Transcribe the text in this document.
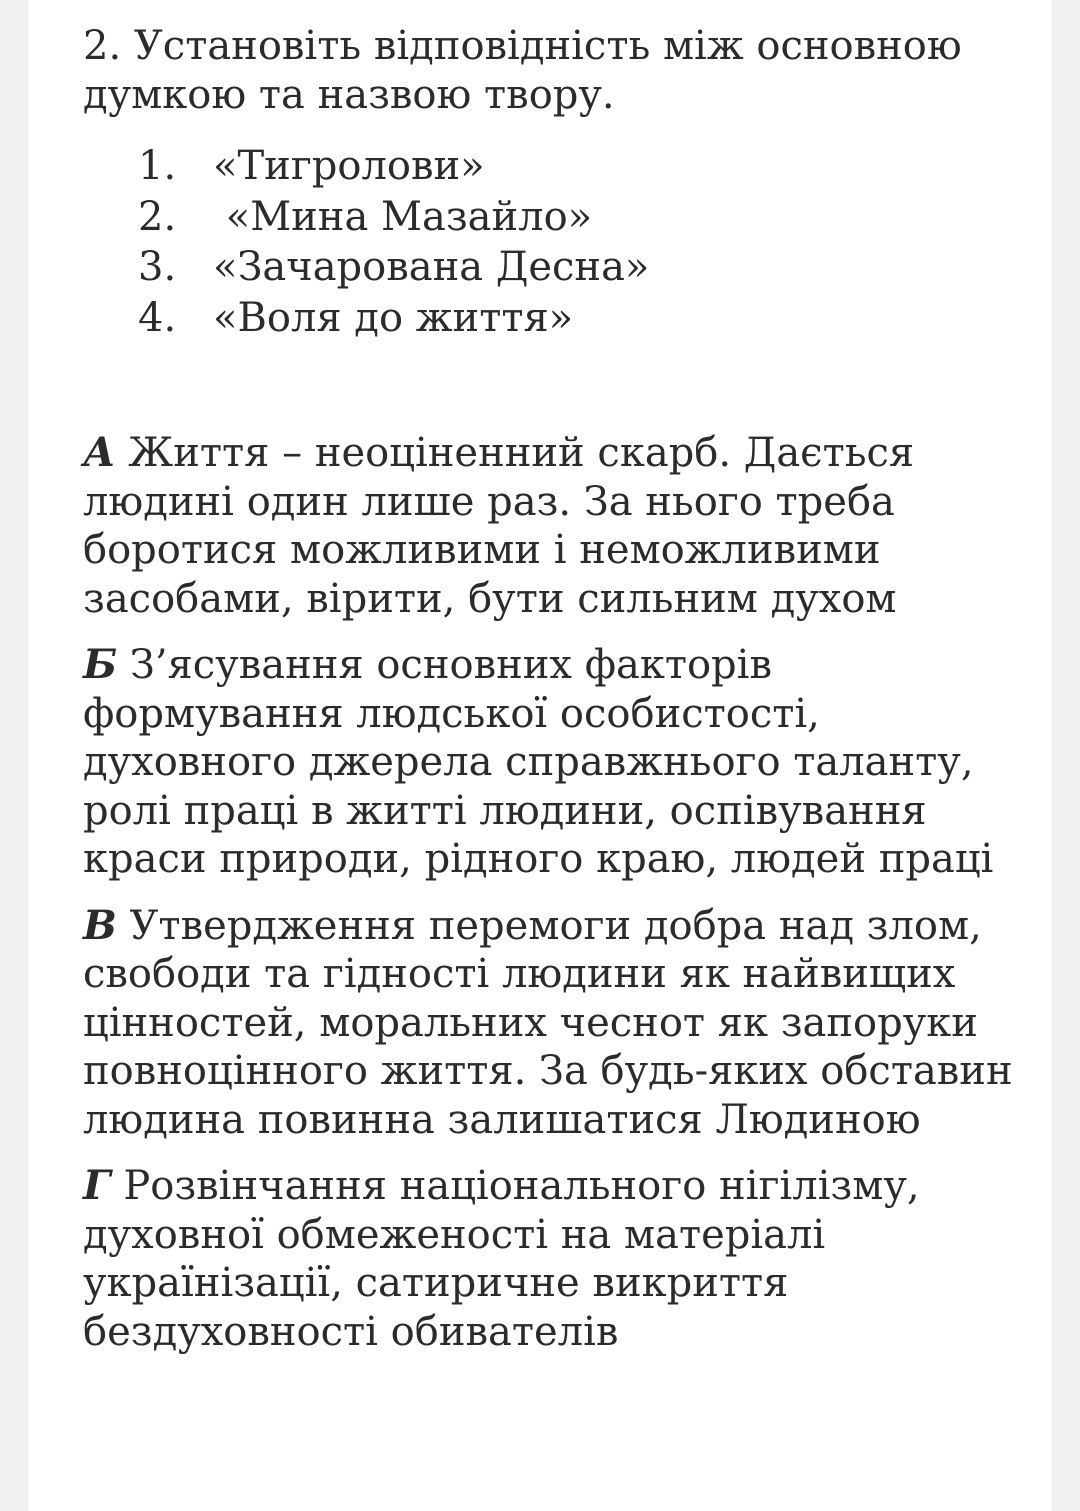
2. Установіть відповідність між основною думкою та назвою твору.

1. «Тигролови»
2. «Мина Мазайло»
3. «Зачарована Десна»
4. «Воля до життя»

А Життя – неоціненний скарб. Дається людині один лише раз. За нього треба боротися можливими і неможливими засобами, вірити, бути сильним духом

Б З’ясування основних факторів формування людської особистості, духовного джерела справжнього таланту, ролі праці в житті людини, оспівування краси природи, рідного краю, людей праці

В Утвердження перемоги добра над злом, свободи та гідності людини як найвищих цінностей, моральних чеснот як запоруки повноцінного життя. За будь-яких обставин людина повинна залишатися Людиною

Г Розвінчання національного нігілізму, духовної обмеженості на матеріалі українізації, сатиричне викриття бездуховності обивателів
